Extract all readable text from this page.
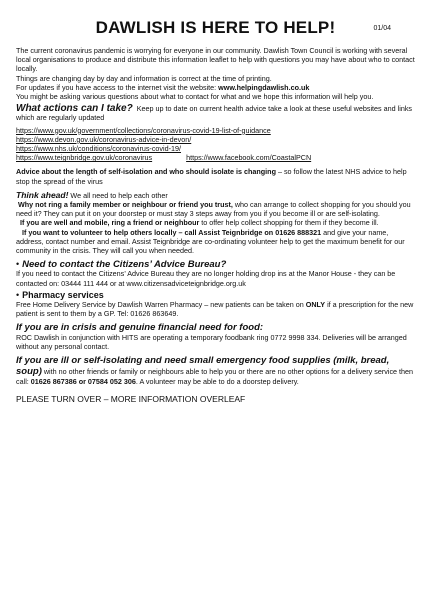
DAWLISH IS HERE TO HELP!	01/04

The current coronavirus pandemic is worrying for everyone in our community. Dawlish Town Council is working with several local organisations to produce and distribute this information leaflet to help with questions you may have about who to contact locally.

Things are changing day by day and information is correct at the time of printing.

For updates if you have access to the internet visit the website: www.helpingdawlish.co.uk

You might be asking various questions about what to contact for what and we hope this information will help you.

What actions can I take? Keep up to date on current health advice take a look at these useful websites and links which are regularly updated

https://www.gov.uk/government/collections/coronavirus-covid-19-list-of-guidance

https://www.devon.gov.uk/coronavirus-advice-in-devon/

https://www.nhs.uk/conditions/coronavirus-covid-19/

https://www.teignbridge.gov.uk/coronavirus	https://www.facebook.com/CoastalPCN

Advice about the length of self-isolation and who should isolate is changing – so follow the latest NHS advice to help stop the spread of the virus

Think ahead! We all need to help each other

Why not ring a family member or neighbour or friend you trust, who can arrange to collect shopping for you should you need it? They can put it on your doorstep or must stay 3 steps away from you if you become ill or are self-isolating.

If you are well and mobile, ring a friend or neighbour to offer help collect shopping for them if they become ill.

If you want to volunteer to help others locally – call Assist Teignbridge on 01626 888321 and give your name, address, contact number and email. Assist Teignbridge are co-ordinating volunteer help to get the maximum benefit for our community in the crisis. They will call you when needed.

• Need to contact the Citizens’ Advice Bureau?

If you need to contact the Citizens’ Advice Bureau they are no longer holding drop ins at the Manor House - they can be contacted on: 03444 111 444 or at www.citizensadviceteignbridge.org.uk

• Pharmacy services

Free Home Delivery Service by Dawlish Warren Pharmacy – new patients can be taken on ONLY if a prescription for the new patient is sent to them by a GP. Tel: 01626 863649.

If you are in crisis and genuine financial need for food:

ROC Dawlish in conjunction with HITS are operating a temporary foodbank ring 0772 9998 334. Deliveries will be arranged without any personal contact.

If you are ill or self-isolating and need small emergency food supplies (milk, bread, soup) with no other friends or family or neighbours able to help you or there are no other options for a delivery service then call: 01626 867386 or 07584 052 306. A volunteer may be able to do a doorstep delivery.

PLEASE TURN OVER – MORE INFORMATION OVERLEAF
